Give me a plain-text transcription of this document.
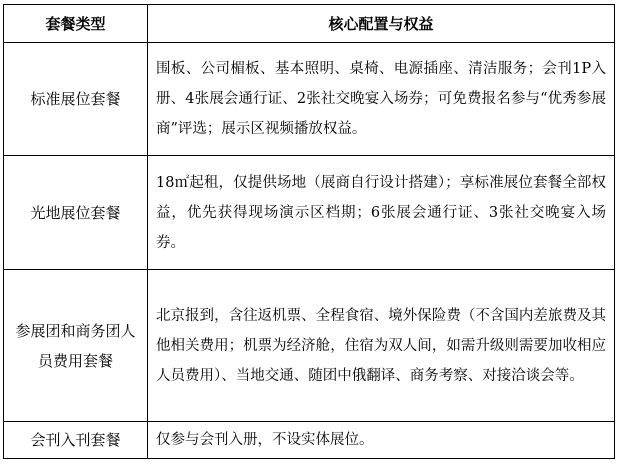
套餐类型	核心配置与权益

标准展位套餐	围板、公司楣板、基本照明、桌椅、电源插座、清洁服务；会刊1P入册、4张展会通行证、2张社交晚宴入场券；可免费报名参与“优秀参展商”评选；展示区视频播放权益。

光地展位套餐	18㎡起租，仅提供场地（展商自行设计搭建）；享标准展位套餐全部权益，优先获得现场演示区档期；6张展会通行证、3张社交晚宴入场券。

参展团和商务团人员费用套餐	北京报到，含往返机票、全程食宿、境外保险费（不含国内差旅费及其他相关费用；机票为经济舱，住宿为双人间，如需升级则需要加收相应人员费用）、当地交通、随团中俄翻译、商务考察、对接洽谈会等。

会刊入刊套餐	仅参与会刊入册，不设实体展位。
